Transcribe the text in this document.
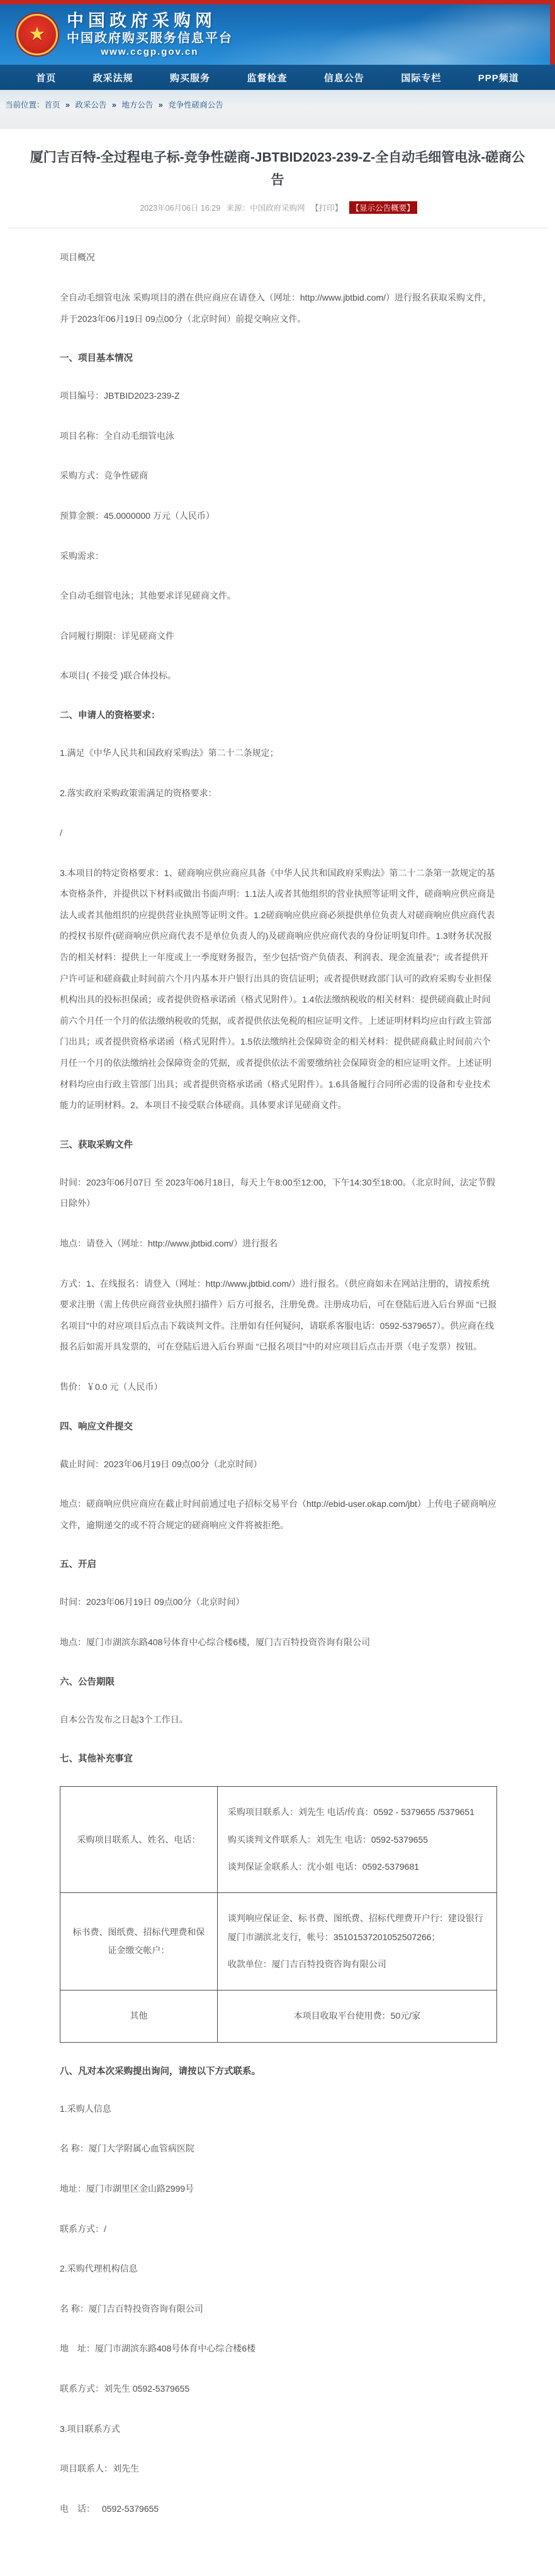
★
中国政府采购网
中国政府购买服务信息平台
www.ccgp.gov.cn
首页	政采法规	购买服务	监督检查	信息公告	国际专栏	PPP频道
当前位置：首页 » 政采公告 » 地方公告 » 竞争性磋商公告
厦门吉百特-全过程电子标-竞争性磋商-JBTBID2023-239-Z-全自动毛细管电泳-磋商公告
2023年06月06日 16:29 来源：中国政府采购网 【打印】 【显示公告概要】
项目概况
全自动毛细管电泳 采购项目的潜在供应商应在请登入（网址：http://www.jbtbid.com/）进行报名获取采购文件，并于2023年06月19日 09点00分（北京时间）前提交响应文件。
一、项目基本情况
项目编号：JBTBID2023-239-Z
项目名称：全自动毛细管电泳
采购方式：竞争性磋商
预算金额：45.0000000 万元（人民币）
采购需求：
全自动毛细管电泳；其他要求详见磋商文件。
合同履行期限：详见磋商文件
本项目( 不接受 )联合体投标。
二、申请人的资格要求：
1.满足《中华人民共和国政府采购法》第二十二条规定；
2.落实政府采购政策需满足的资格要求：
/
3.本项目的特定资格要求：1、磋商响应供应商应具备《中华人民共和国政府采购法》第二十二条第一款规定的基本资格条件，并提供以下材料或做出书面声明：1.1法人或者其他组织的营业执照等证明文件，磋商响应供应商是法人或者其他组织的应提供营业执照等证明文件。1.2磋商响应供应商必须提供单位负责人对磋商响应供应商代表的授权书原件(磋商响应供应商代表不是单位负责人的)及磋商响应供应商代表的身份证明复印件。1.3财务状况报告的相关材料：提供上一年度或上一季度财务报告，至少包括“资产负债表、利润表、现金流量表”；或者提供开户许可证和磋商截止时间前六个月内基本开户银行出具的资信证明；或者提供财政部门认可的政府采购专业担保机构出具的投标担保函；或者提供资格承诺函（格式见附件）。1.4依法缴纳税收的相关材料：提供磋商截止时间前六个月任一个月的依法缴纳税收的凭据，或者提供依法免税的相应证明文件。上述证明材料均应由行政主管部门出具；或者提供资格承诺函（格式见附件）。1.5依法缴纳社会保障资金的相关材料：提供磋商截止时间前六个月任一个月的依法缴纳社会保障资金的凭据，或者提供依法不需要缴纳社会保障资金的相应证明文件。上述证明材料均应由行政主管部门出具；或者提供资格承诺函（格式见附件）。1.6具备履行合同所必需的设备和专业技术能力的证明材料。2、本项目不接受联合体磋商。具体要求详见磋商文件。
三、获取采购文件
时间：2023年06月07日 至 2023年06月18日，每天上午8:00至12:00，下午14:30至18:00。（北京时间，法定节假日除外）
地点：请登入（网址：http://www.jbtbid.com/）进行报名
方式：1、在线报名：请登入（网址：http://www.jbtbid.com/）进行报名。（供应商如未在网站注册的，请按系统要求注册（需上传供应商营业执照扫描件）后方可报名，注册免费。注册成功后，可在登陆后进入后台界面 “已报名项目”中的对应项目后点击下载谈判文件。注册如有任何疑问，请联系客服电话：0592-5379657）。供应商在线报名后如需开具发票的，可在登陆后进入后台界面 “已报名项目”中的对应项目后点击开票（电子发票）按钮。
售价：￥0.0 元（人民币）
四、响应文件提交
截止时间：2023年06月19日 09点00分（北京时间）
地点：磋商响应供应商应在截止时间前通过电子招标交易平台（http://ebid-user.okap.com/jbt）上传电子磋商响应文件，逾期递交的或不符合规定的磋商响应文件将被拒绝。
五、开启
时间：2023年06月19日 09点00分（北京时间）
地点：厦门市湖滨东路408号体育中心综合楼6楼，厦门吉百特投资咨询有限公司
六、公告期限
自本公告发布之日起3个工作日。
七、其他补充事宜
采购项目联系人、姓名、电话：	采购项目联系人：刘先生 电话/传真：0592 - 5379655 /5379651
购买谈判文件联系人：刘先生 电话：0592-5379655
谈判保证金联系人：沈小姐 电话：0592-5379681

标书费、图纸费、招标代理费和保证金缴交帐户：	谈判响应保证金、标书费、图纸费、招标代理费开户行：建设银行厦门市湖滨北支行，帐号：35101537201052507266；
收款单位：厦门吉百特投资咨询有限公司

其他	本项目收取平台使用费：50元/家
八、凡对本次采购提出询问，请按以下方式联系。
1.采购人信息
名 称：厦门大学附属心血管病医院
地址：厦门市湖里区金山路2999号
联系方式：/
2.采购代理机构信息
名 称：厦门吉百特投资咨询有限公司
地　址：厦门市湖滨东路408号体育中心综合楼6楼
联系方式：刘先生 0592-5379655
3.项目联系方式
项目联系人：刘先生
电　话：　 0592-5379655
